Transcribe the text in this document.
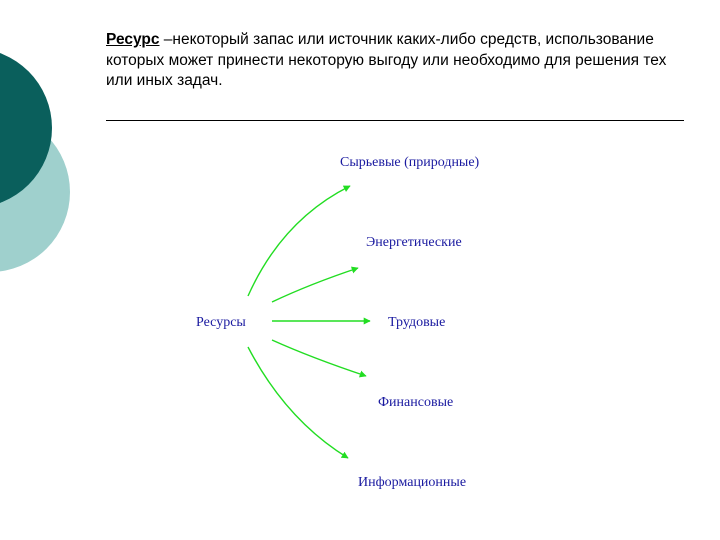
Ресурс –некоторый запас или источник каких-либо средств, использование которых может принести некоторую выгоду или необходимо для решения тех или иных задач.
Ресурсы
Сырьевые (природные)
Энергетические
Трудовые
Финансовые
Информационные
